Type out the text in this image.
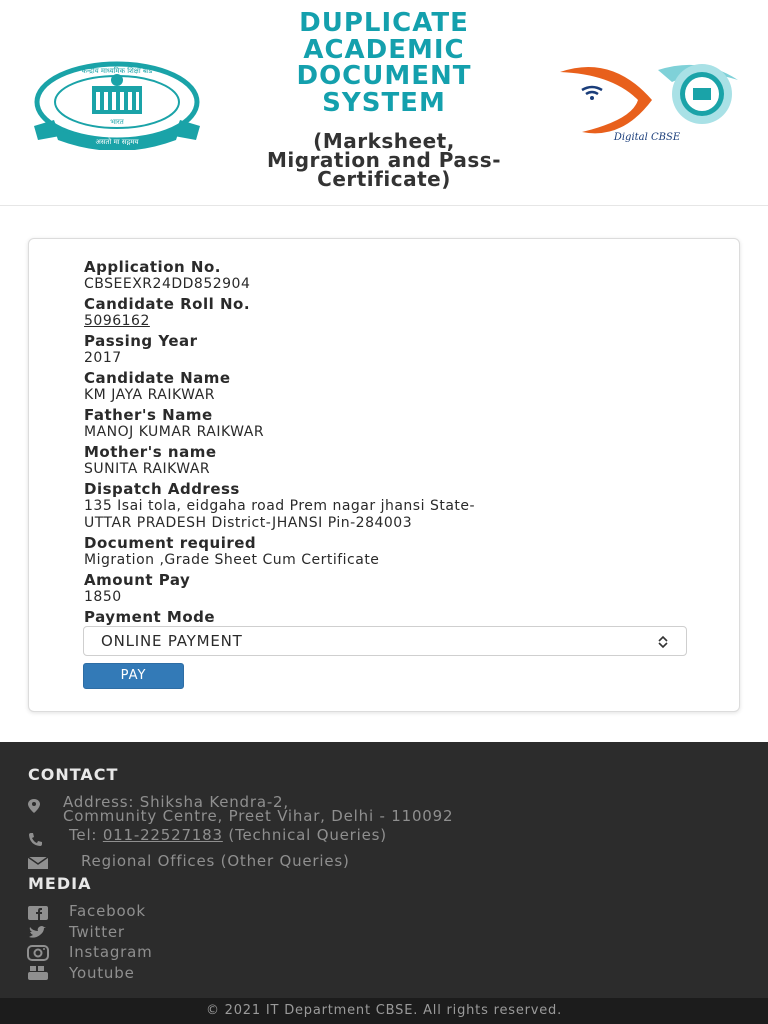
केन्द्रीय माध्यमिक शिक्षा बोर्ड
भारत
असतो मा सद्गमय
DUPLICATE
ACADEMIC
DOCUMENT
SYSTEM
(Marksheet,
Migration and Pass-
Certificate)
Digital CBSE
Application No.
CBSEEXR24DD852904
Candidate Roll No.
5096162
Passing Year
2017
Candidate Name
KM JAYA RAIKWAR
Father's Name
MANOJ KUMAR RAIKWAR
Mother's name
SUNITA RAIKWAR
Dispatch Address
135 Isai tola, eidgaha road Prem nagar jhansi State-
UTTAR PRADESH District-JHANSI Pin-284003
Document required
Migration ,Grade Sheet Cum Certificate
Amount Pay
1850
Payment Mode
ONLINE PAYMENT
PAY
CONTACT
Address: Shiksha Kendra-2,
Community Centre, Preet Vihar, Delhi - 110092
Tel: 011-22527183 (Technical Queries)
Regional Offices (Other Queries)
MEDIA
Facebook
Twitter
Instagram
Youtube
© 2021 IT Department CBSE. All rights reserved.
